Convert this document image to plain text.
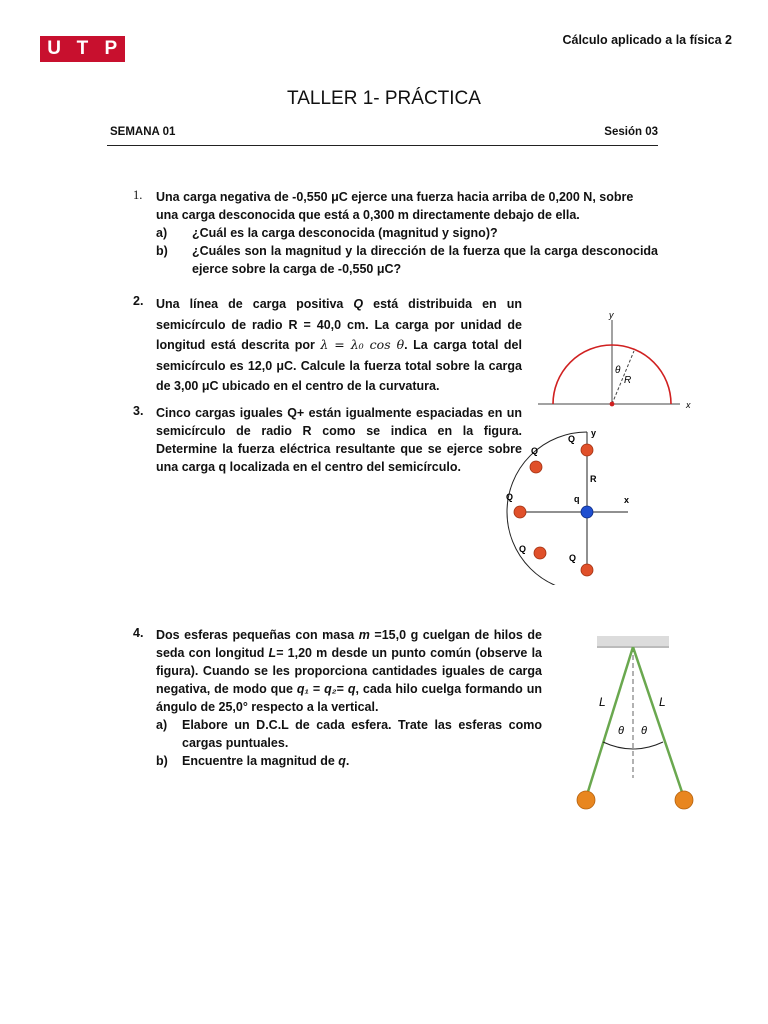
U T P	Cálculo aplicado a la física 2
TALLER 1- PRÁCTICA
SEMANA 01	Sesión 03
1. Una carga negativa de -0,550 μC ejerce una fuerza hacia arriba de 0,200 N, sobre
una carga desconocida que está a 0,300 m directamente debajo de ella.
a)	¿Cuál es la carga desconocida (magnitud y signo)?
b)	¿Cuáles son la magnitud y la dirección de la fuerza que la carga desconocida ejerce sobre la carga de -0,550 μC?
2. Una línea de carga positiva Q está distribuida en un semicírculo de radio R = 40,0 cm. La carga por unidad de longitud está descrita por λ = λ₀ cos θ. La carga total del semicírculo es 12,0 μC. Calcule la fuerza total sobre la carga de 3,00 μC ubicado en el centro de la curvatura.
y
x
θ
R
3. Cinco cargas iguales Q+ están igualmente espaciadas en un semicírculo de radio R como se indica en la figura. Determine la fuerza eléctrica resultante que se ejerce sobre una carga q localizada en el centro del semicírculo.
Q
y
Q
R
Q	q	x
Q
Q
4. Dos esferas pequeñas con masa m =15,0 g cuelgan de hilos de seda con longitud L= 1,20 m desde un punto común (observe la figura). Cuando se les proporciona cantidades iguales de carga negativa, de modo que q₁ = q₂= q, cada hilo cuelga formando un ángulo de 25,0° respecto a la vertical.
a)	Elabore un D.C.L de cada esfera. Trate las esferas como cargas puntuales.
b)	Encuentre la magnitud de q.
L	L
θ θ
